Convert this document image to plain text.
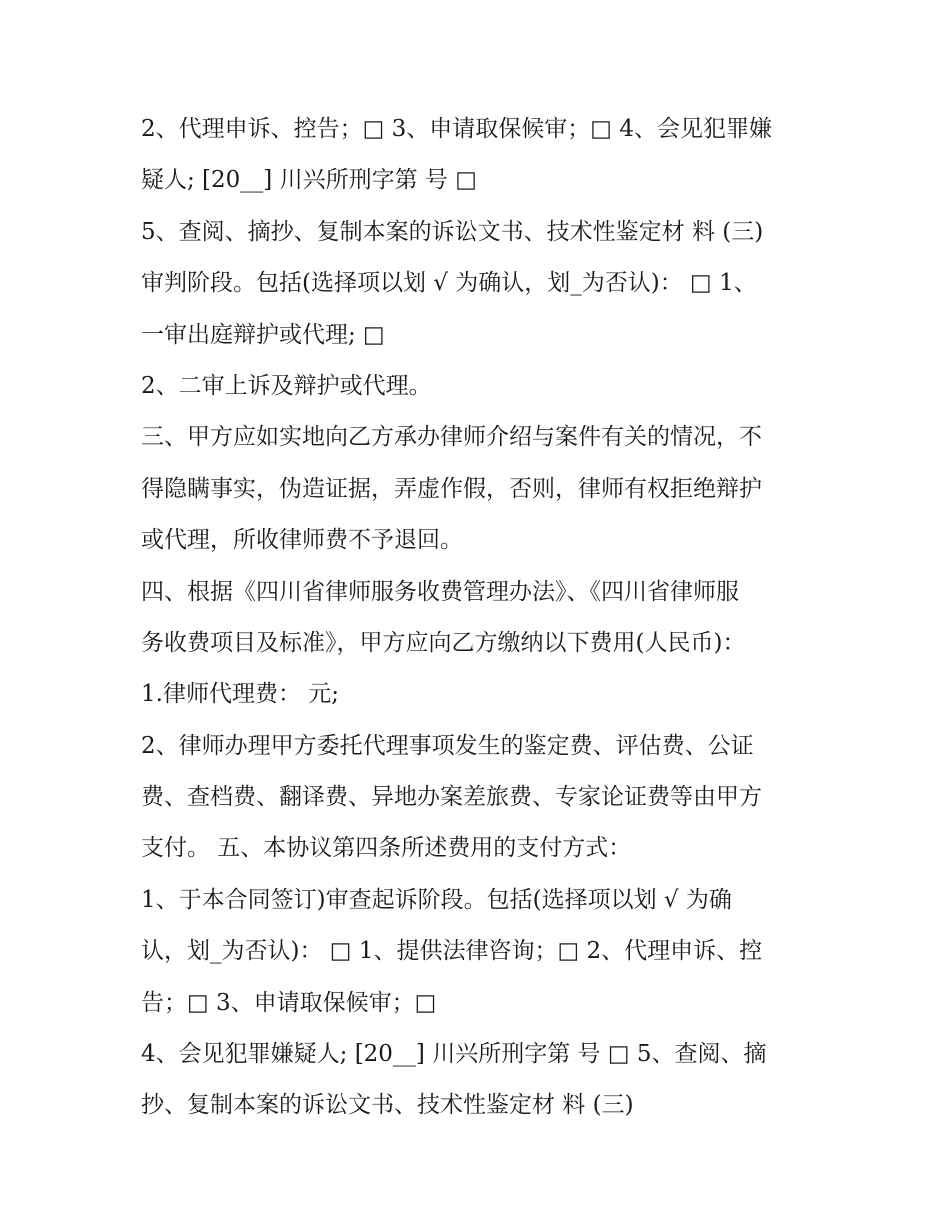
2、代理申诉、控告；□ 3、申请取保候审；□ 4、会见犯罪嫌
疑人; [20__] 川兴所刑字第 号 □
5、查阅、摘抄、复制本案的诉讼文书、技术性鉴定材 料 (三)
审判阶段。包括(选择项以划 √ 为确认，划_为否认)： □ 1、
一审出庭辩护或代理; □
2、二审上诉及辩护或代理。
三、甲方应如实地向乙方承办律师介绍与案件有关的情况，不
得隐瞒事实，伪造证据，弄虚作假，否则，律师有权拒绝辩护
或代理，所收律师费不予退回。
四、根据《四川省律师服务收费管理办法》、《四川省律师服
务收费项目及标准》，甲方应向乙方缴纳以下费用(人民币)：
1.律师代理费： 元;
2、律师办理甲方委托代理事项发生的鉴定费、评估费、公证
费、查档费、翻译费、异地办案差旅费、专家论证费等由甲方
支付。 五、本协议第四条所述费用的支付方式：
1、于本合同签订)审查起诉阶段。包括(选择项以划 √ 为确
认，划_为否认)： □ 1、提供法律咨询；□ 2、代理申诉、控
告；□ 3、申请取保候审；□
4、会见犯罪嫌疑人; [20__] 川兴所刑字第 号 □ 5、查阅、摘
抄、复制本案的诉讼文书、技术性鉴定材 料 (三)
